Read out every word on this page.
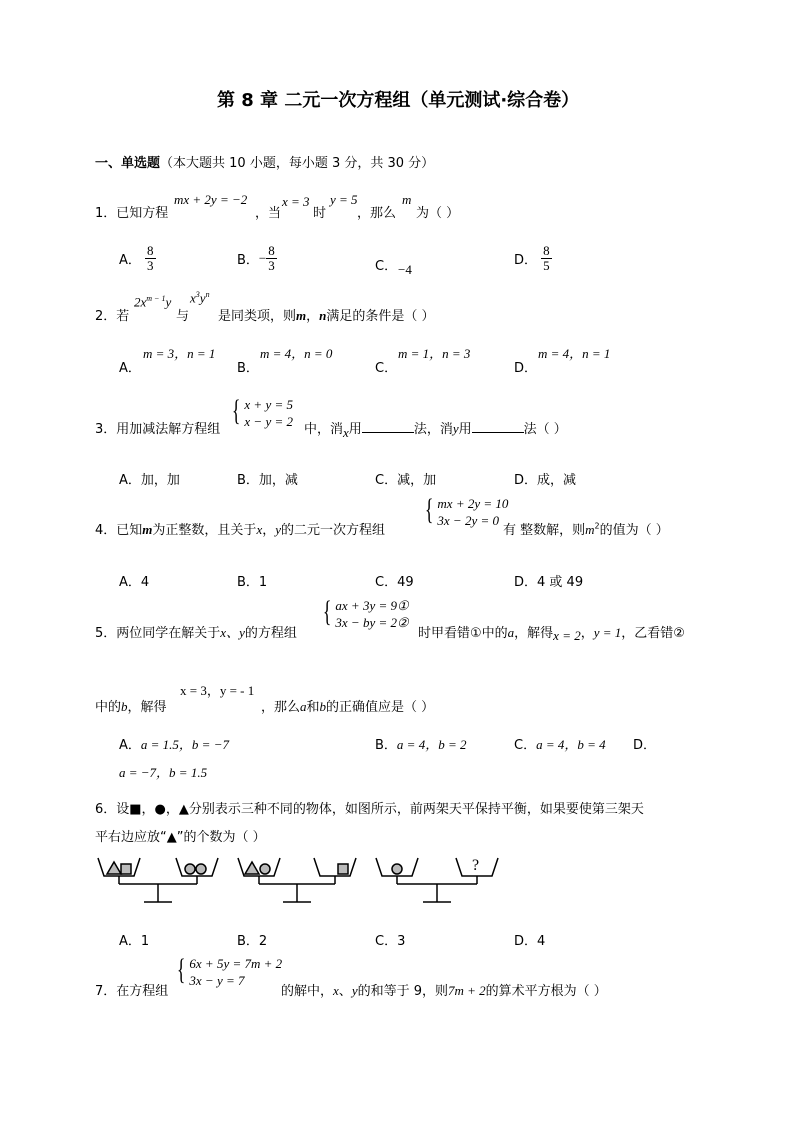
第 8 章 二元一次方程组（单元测试·综合卷）
一、单选题（本大题共 10 小题，每小题 3 分，共 30 分）
1．已知方程
mx + 2y = −2
，当
x = 3
时
y = 5
，那么
m
为（ ）
A． $\frac{8}{3}$	B．− $\frac{8}{3}$	C． −4
D． $\frac{8}{5}$
2．若
$2x^{m - 1}y$
与
$x^3y^n$
是同类项，则m，n满足的条件是（ ）
A．
m = 3，n = 1
B．
m = 4，n = 0
C．
m = 1，n = 3
D．
m = 4，n = 1
3．用加减法解方程组
{ x + y = 5
x − y = 2
中，消x用	法，消y用	法（ ）
A．加，加	B．加，减	C．减，加	D．成，减
4．已知m为正整数，且关于x，y的二元一次方程组
{ mx + 2y = 10
3x − 2y = 0
有 整数解，则$m^2$的值为（ ）
A．4	B．1	C．49	D．4 或 49
5．两位同学在解关于x、y的方程组
{ ax + 3y = 9①
3x − by = 2②
时甲看错①中的a，解得x = 2，y = 1，乙看错②
中的b，解得
x = 3，y = - 1
，那么a和b的正确值应是（ ）
A．a = 1.5，b = −7	B．a = 4，b = 2	C．a = 4，b = 4 D．
a = −7，b = 1.5
6．设■，●，▲分别表示三种不同的物体，如图所示，前两架天平保持平衡，如果要使第三架天
平右边应放“▲”的个数为（ ）
?
A．1	B．2	C．3	D．4
7．在方程组
{ 6x + 5y = 7m + 2
3x − y = 7
的解中，x、y的和等于 9，则7m + 2的算术平方根为（ ）
